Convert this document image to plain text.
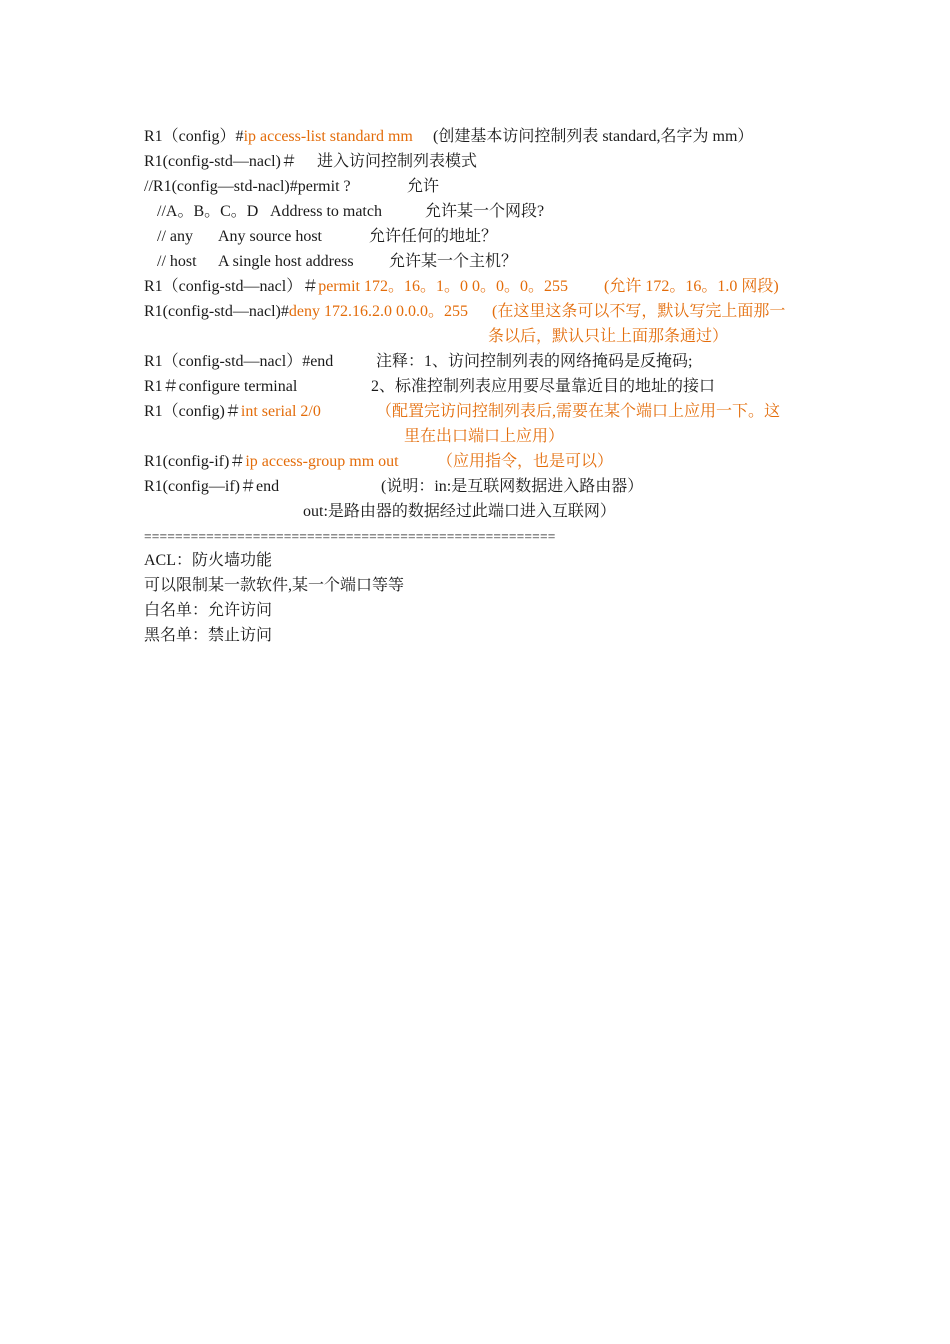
R1（config）#ip access-list standard mm (创建基本访问控制列表 standard,名字为 mm）
R1(config-std—nacl)＃ 进入访问控制列表模式
//R1(config—std-nacl)#permit ?	允许
//A。B。C。D Address to match	允许某一个网段?
// any Any source host	允许任何的地址？
// host A single host address 允许某一个主机？
R1（config-std—nacl）＃permit 172。16。1。0 0。0。0。255 (允许 172。16。1.0 网段)
R1(config-std—nacl)#deny 172.16.2.0 0.0.0。255 (在这里这条可以不写，默认写完上面那一
条以后，默认只让上面那条通过）
R1（config-std—nacl）#end	注释：1、访问控制列表的网络掩码是反掩码;
R1＃configure terminal	2、标准控制列表应用要尽量靠近目的地址的接口
R1（config)＃int serial 2/0	（配置完访问控制列表后,需要在某个端口上应用一下。这
里在出口端口上应用）
R1(config-if)＃ip access-group mm out （应用指令，也是可以）
R1(config—if)＃end	(说明：in:是互联网数据进入路由器）
out:是路由器的数据经过此端口进入互联网）
=====================================================
ACL：防火墙功能
可以限制某一款软件,某一个端口等等
白名单：允许访问
黑名单：禁止访问
